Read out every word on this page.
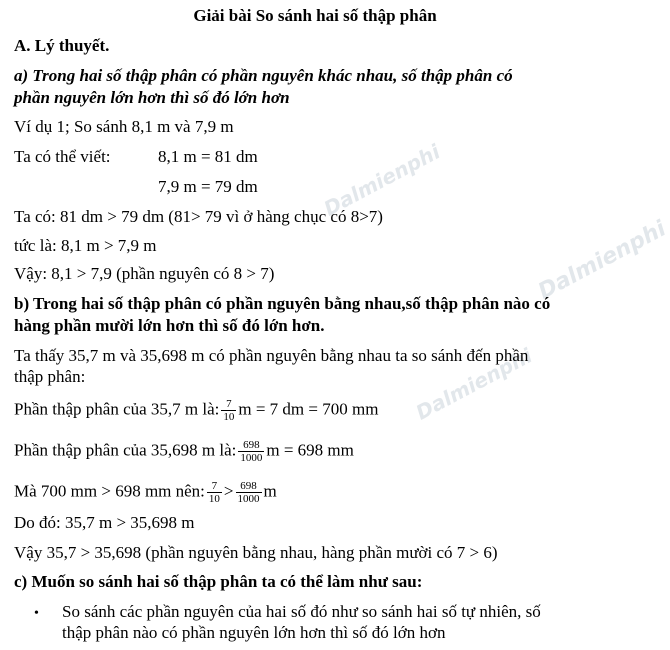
Dalmienphi
Dalmienphi
Dalmienphi
Giải bài So sánh hai số thập phân
A. Lý thuyết.
a) Trong hai số thập phân có phần nguyên khác nhau, số thập phân có
phần nguyên lớn hơn thì số đó lớn hơn
Ví dụ 1; So sánh 8,1 m và 7,9 m
Ta có thể viết:	8,1 m = 81 dm
7,9 m = 79 dm
Ta có: 81 dm > 79 dm (81> 79 vì ở hàng chục có 8>7)
tức là: 8,1 m > 7,9 m
Vậy: 8,1 > 7,9 (phần nguyên có 8 > 7)
b) Trong hai số thập phân có phần nguyên bằng nhau,số thập phân nào có
hàng phần mười lớn hơn thì số đó lớn hơn.
Ta thấy 35,7 m và 35,698 m có phần nguyên bằng nhau ta so sánh đến phần
thập phân:
Phần thập phân của 35,7 m là: $\frac{7}{10}$ m = 7 dm = 700 mm
Phần thập phân của 35,698 m là: $\frac{698}{1000}$ m = 698 mm
Mà 700 mm > 698 mm nên: $\frac{7}{10} > \frac{698}{1000}$ m
Do đó: 35,7 m > 35,698 m
Vậy 35,7 > 35,698 (phần nguyên bằng nhau, hàng phần mười có 7 > 6)
c) Muốn so sánh hai số thập phân ta có thể làm như sau:
• So sánh các phần nguyên của hai số đó như so sánh hai số tự nhiên, số
thập phân nào có phần nguyên lớn hơn thì số đó lớn hơn
